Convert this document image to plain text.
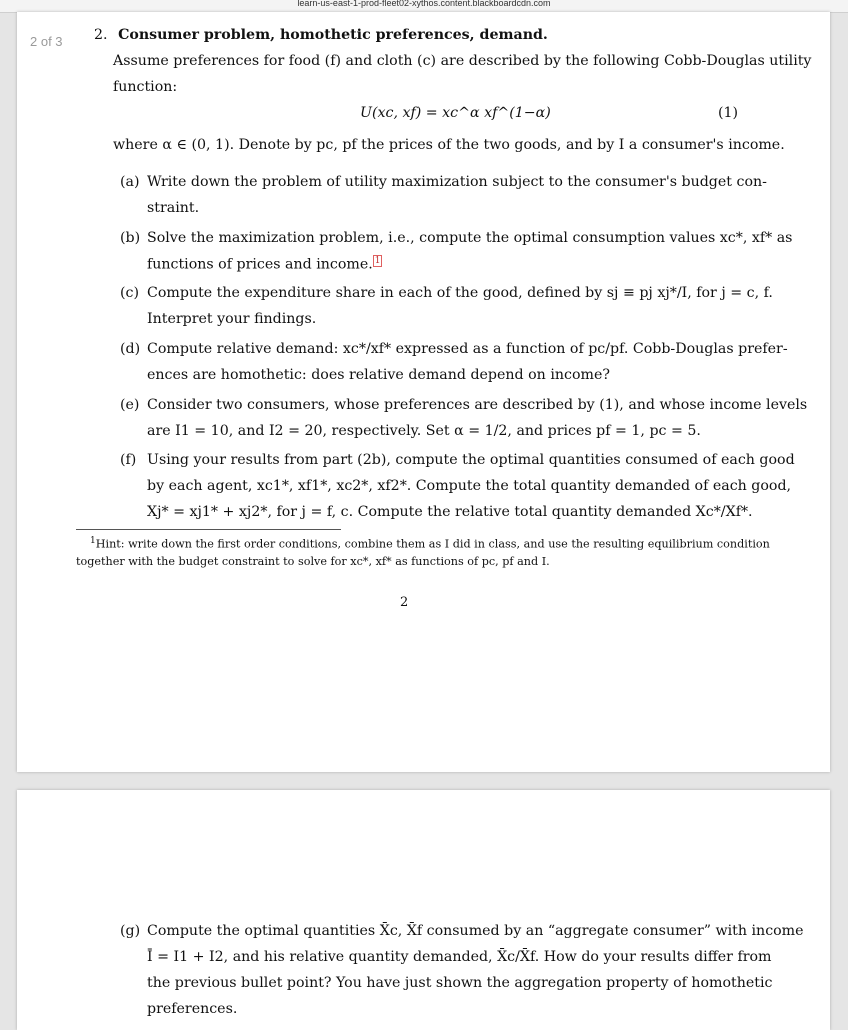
learn-us-east-1-prod-fleet02-xythos.content.blackboardcdn.com
2 of 3 2. Consumer problem, homothetic preferences, demand.
Assume preferences for food (f) and cloth (c) are described by the following Cobb-Douglas utility
function:
U(xc, xf) = xc^α xf^(1−α)	(1)
where α ∈ (0, 1). Denote by pc, pf the prices of the two goods, and by I a consumer's income.
(a) Write down the problem of utility maximization subject to the consumer's budget con-
straint.
(b) Solve the maximization problem, i.e., compute the optimal consumption values xc*, xf* as
functions of prices and income. 1
(c) Compute the expenditure share in each of the good, defined by sj ≡ pj xj*/I, for j = c, f.
Interpret your findings.
(d) Compute relative demand: xc*/xf* expressed as a function of pc/pf. Cobb-Douglas prefer-
ences are homothetic: does relative demand depend on income?
(e) Consider two consumers, whose preferences are described by (1), and whose income levels
are I1 = 10, and I2 = 20, respectively. Set α = 1/2, and prices pf = 1, pc = 5.
(f) Using your results from part (2b), compute the optimal quantities consumed of each good
by each agent, xc1*, xf1*, xc2*, xf2*. Compute the total quantity demanded of each good,
Xj* = xj1* + xj2*, for j = f, c. Compute the relative total quantity demanded Xc*/Xf*.
$^1$Hint: write down the first order conditions, combine them as I did in class, and use the resulting equilibrium condition
together with the budget constraint to solve for xc*, xf* as functions of pc, pf and I.
2
(g) Compute the optimal quantities X̄c, X̄f consumed by an “aggregate consumer” with income
Ī = I1 + I2, and his relative quantity demanded, X̄c/X̄f. How do your results differ from
the previous bullet point? You have just shown the aggregation property of homothetic
preferences.
